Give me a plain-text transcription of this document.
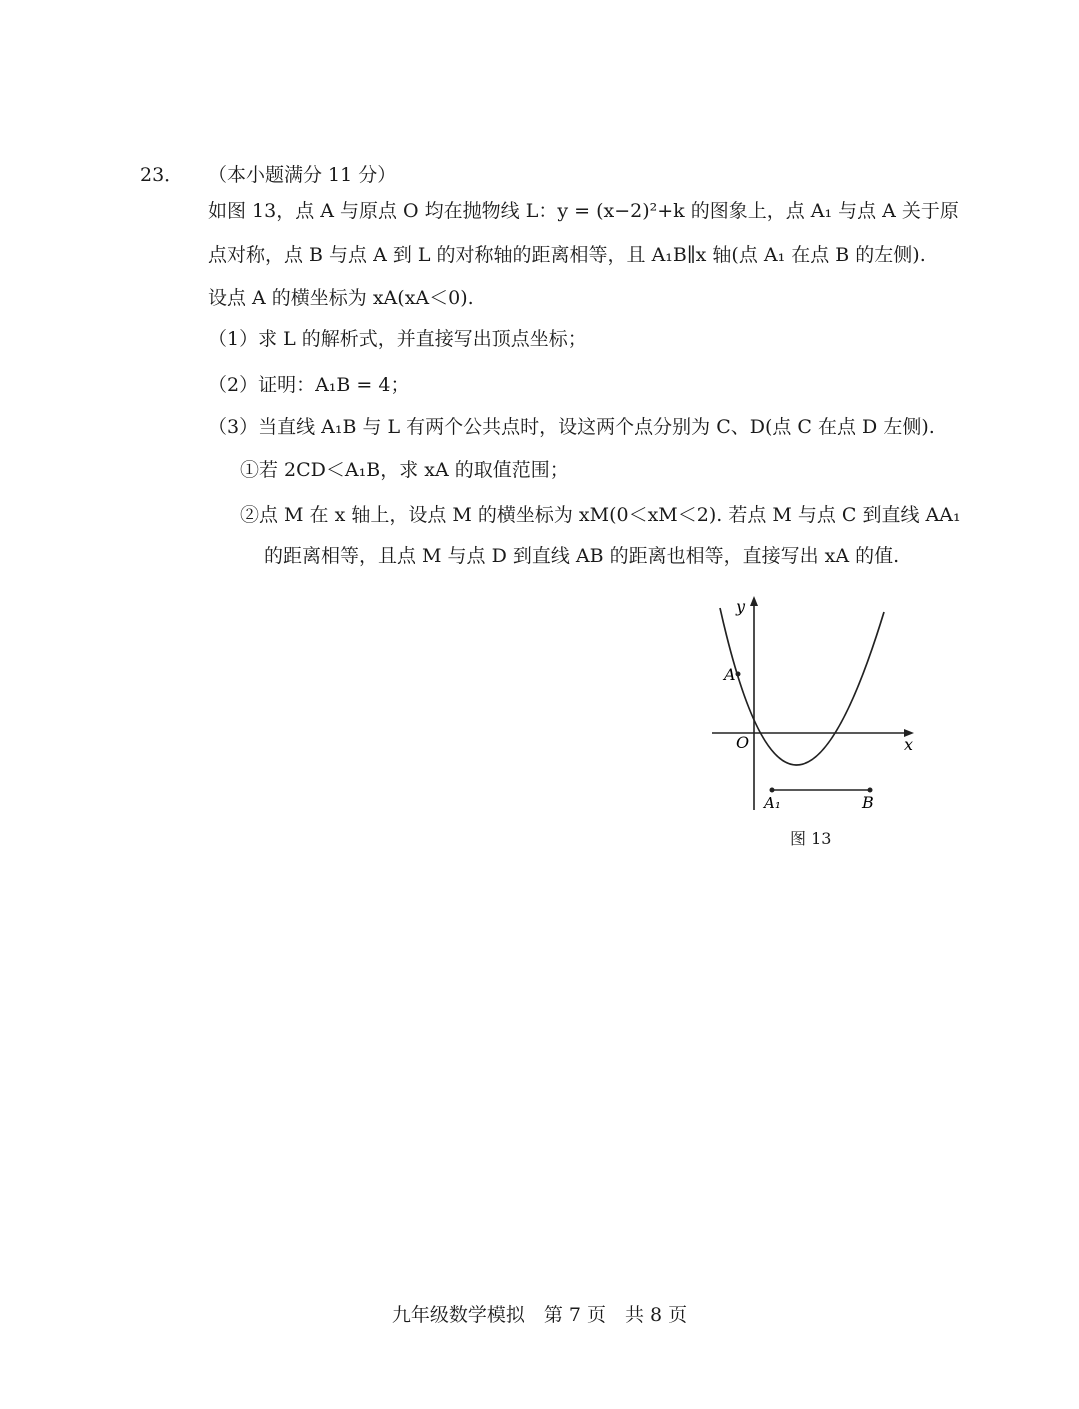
23． （本小题满分 11 分）
如图 13，点 A 与原点 O 均在抛物线 L：y = (x−2)²+k 的图象上，点 A₁ 与点 A 关于原
点对称，点 B 与点 A 到 L 的对称轴的距离相等，且 A₁B∥x 轴(点 A₁ 在点 B 的左侧).
设点 A 的横坐标为 xA(xA＜0).
（1）求 L 的解析式，并直接写出顶点坐标；
（2）证明：A₁B = 4；
（3）当直线 A₁B 与 L 有两个公共点时，设这两个点分别为 C、D(点 C 在点 D 左侧).
①若 2CD＜A₁B，求 xA 的取值范围；
②点 M 在 x 轴上，设点 M 的横坐标为 xM(0＜xM＜2). 若点 M 与点 C 到直线 AA₁
的距离相等，且点 M 与点 D 到直线 AB 的距离也相等，直接写出 xA 的值.
y
x
O
A
A₁	B
图 13
九年级数学模拟　第 7 页　共 8 页
